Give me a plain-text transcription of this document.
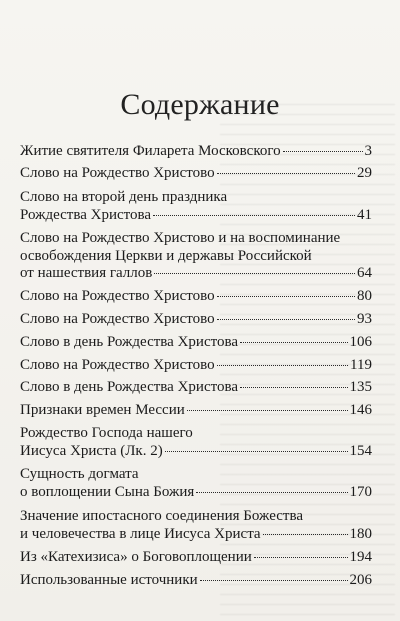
Содержание
Житие святителя Филарета Московского	3
Слово на Рождество Христово	29
Слово на второй день праздника
Рождества Христова	41
Слово на Рождество Христово и на воспоминание
освобождения Церкви и державы Российской
от нашествия галлов	64
Слово на Рождество Христово	80
Слово на Рождество Христово	93
Слово в день Рождества Христова	106
Слово на Рождество Христово	119
Слово в день Рождества Христова	135
Признаки времен Мессии	146
Рождество Господа нашего
Иисуса Христа (Лк. 2)	154
Сущность догмата
о воплощении Сына Божия	170
Значение ипостасного соединения Божества
и человечества в лице Иисуса Христа	180
Из «Катехизиса» о Боговоплощении	194
Использованные источники	206
